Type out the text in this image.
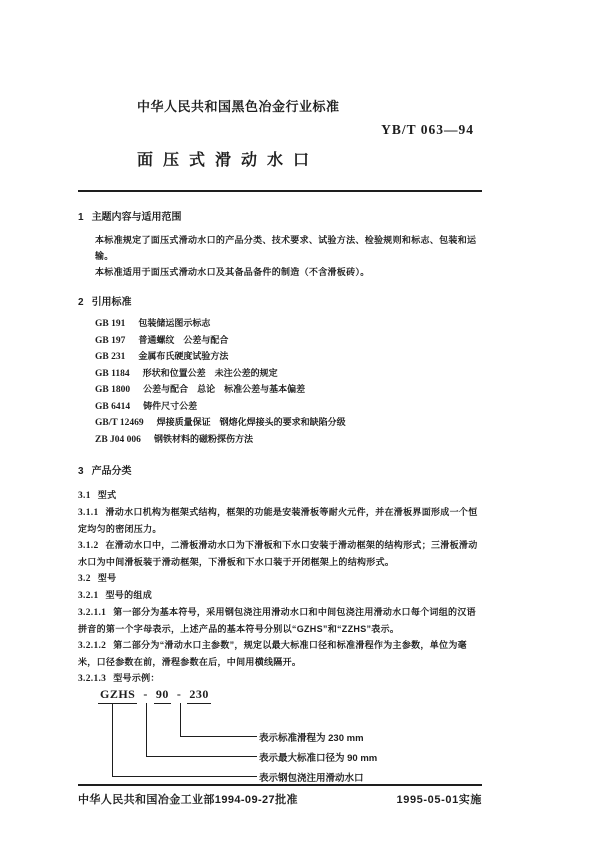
中华人民共和国黑色冶金行业标准
YB/T 063—94
面压式滑动水口
1 主题内容与适用范围

本标准规定了面压式滑动水口的产品分类、技术要求、试验方法、检验规则和标志、包装和运输。

本标准适用于面压式滑动水口及其备品备件的制造（不含滑板砖）。

2 引用标准
GB 191 包装储运图示标志
GB 197 普通螺纹　公差与配合
GB 231 金属布氏硬度试验方法
GB 1184 形状和位置公差　未注公差的规定
GB 1800 公差与配合　总论　标准公差与基本偏差
GB 6414 铸件尺寸公差
GB/T 12469 焊接质量保证　钢熔化焊接头的要求和缺陷分级
ZB J04 006 钢铁材料的磁粉探伤方法
3 产品分类
3.1 型式
3.1.1 滑动水口机构为框架式结构，框架的功能是安装滑板等耐火元件，并在滑板界面形成一个恒定均匀的密闭压力。
3.1.2 在滑动水口中，二滑板滑动水口为下滑板和下水口安装于滑动框架的结构形式；三滑板滑动水口为中间滑板装于滑动框架，下滑板和下水口装于开闭框架上的结构形式。
3.2 型号
3.2.1 型号的组成
3.2.1.1 第一部分为基本符号，采用钢包浇注用滑动水口和中间包浇注用滑动水口每个词组的汉语拼音的第一个字母表示，上述产品的基本符号分别以“GZHS”和“ZZHS”表示。
3.2.1.2 第二部分为“滑动水口主参数”，规定以最大标准口径和标准滑程作为主参数，单位为毫米，口径参数在前，滑程参数在后，中间用横线隔开。
3.2.1.3 型号示例：
GZHS - 90 - 230
表示标准滑程为 230 mm
表示最大标准口径为 90 mm
表示钢包浇注用滑动水口
中华人民共和国冶金工业部1994-09-27批准	1995-05-01实施
